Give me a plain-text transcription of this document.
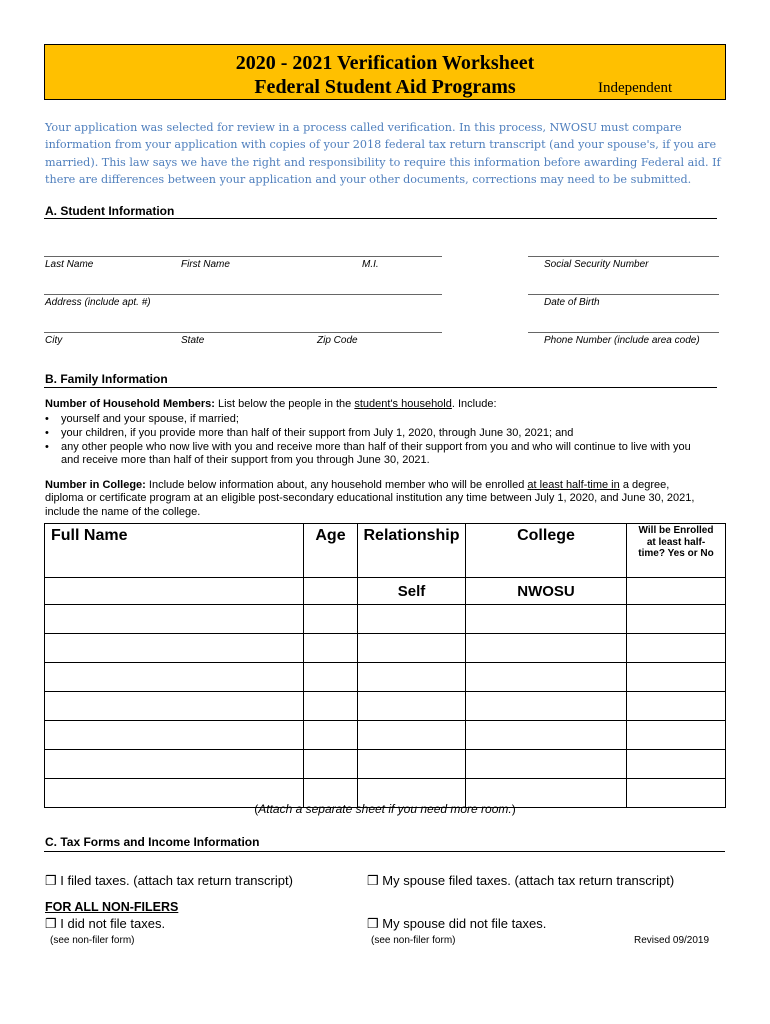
2020 - 2021 Verification Worksheet
Federal Student Aid Programs	Independent
Your application was selected for review in a process called verification. In this process, NWOSU must compare information from your application with copies of your 2018 federal tax return transcript (and your spouse's, if you are married). This law says we have the right and responsibility to require this information before awarding Federal aid. If there are differences between your application and your other documents, corrections may need to be submitted.
A. Student Information
Last Name	First Name	M.I.	Social Security Number
Address (include apt. #)	Date of Birth
City	State	Zip Code	Phone Number (include area code)
B. Family Information
Number of Household Members: List below the people in the student's household. Include:
• yourself and your spouse, if married;
• your children, if you provide more than half of their support from July 1, 2020, through June 30, 2021; and
• any other people who now live with you and receive more than half of their support from you and who will continue to live with you
and receive more than half of their support from you through June 30, 2021.
Number in College: Include below information about, any household member who will be enrolled at least half-time in a degree,
diploma or certificate program at an eligible post-secondary educational institution any time between July 1, 2020, and June 30, 2021,
include the name of the college.
Full Name	Age	Relationship	College	Will be Enrolled at least half-time? Yes or No
		Self	NWOSU	

(Attach a separate sheet if you need more room.)
C. Tax Forms and Income Information
❒ I filed taxes. (attach tax return transcript)	❒ My spouse filed taxes. (attach tax return transcript)
FOR ALL NON-FILERS
❒ I did not file taxes.	❒ My spouse did not file taxes.
(see non-filer form)	(see non-filer form)	Revised 09/2019
